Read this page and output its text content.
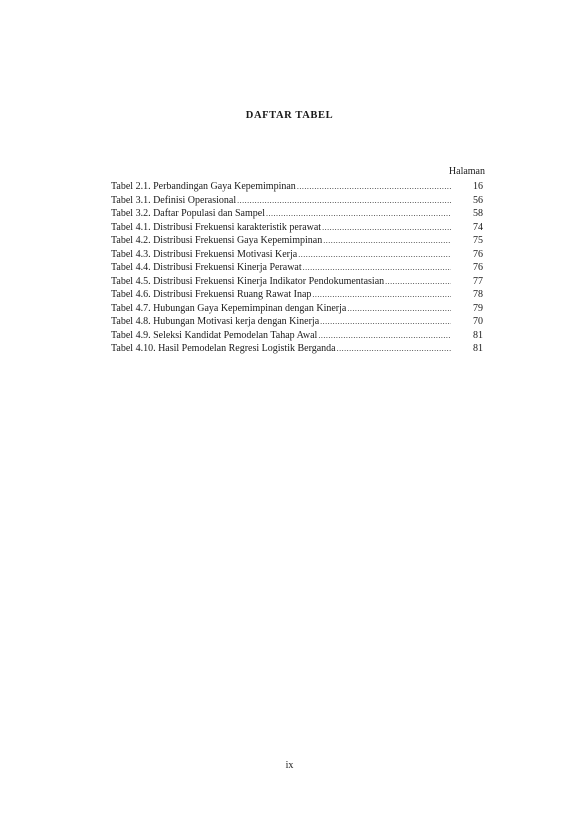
DAFTAR TABEL
Halaman
Tabel 2.1. Perbandingan Gaya Kepemimpinan .....	16
Tabel 3.1. Definisi Operasional .....	56
Tabel 3.2. Daftar Populasi dan Sampel .....	58
Tabel 4.1. Distribusi Frekuensi karakteristik perawat .....	74
Tabel 4.2. Distribusi Frekuensi Gaya Kepemimpinan .....	75
Tabel 4.3. Distribusi Frekuensi Motivasi Kerja .....	76
Tabel 4.4. Distribusi Frekuensi Kinerja Perawat .....	76
Tabel 4.5. Distribusi Frekuensi Kinerja Indikator Pendokumentasian .....	77
Tabel 4.6. Distribusi Frekuensi Ruang Rawat Inap .....	78
Tabel 4.7. Hubungan Gaya Kepemimpinan dengan Kinerja .....	79
Tabel 4.8. Hubungan Motivasi kerja dengan Kinerja .....	70
Tabel 4.9. Seleksi Kandidat Pemodelan Tahap Awal .....	81
Tabel 4.10. Hasil Pemodelan Regresi Logistik Berganda .....	81
ix
